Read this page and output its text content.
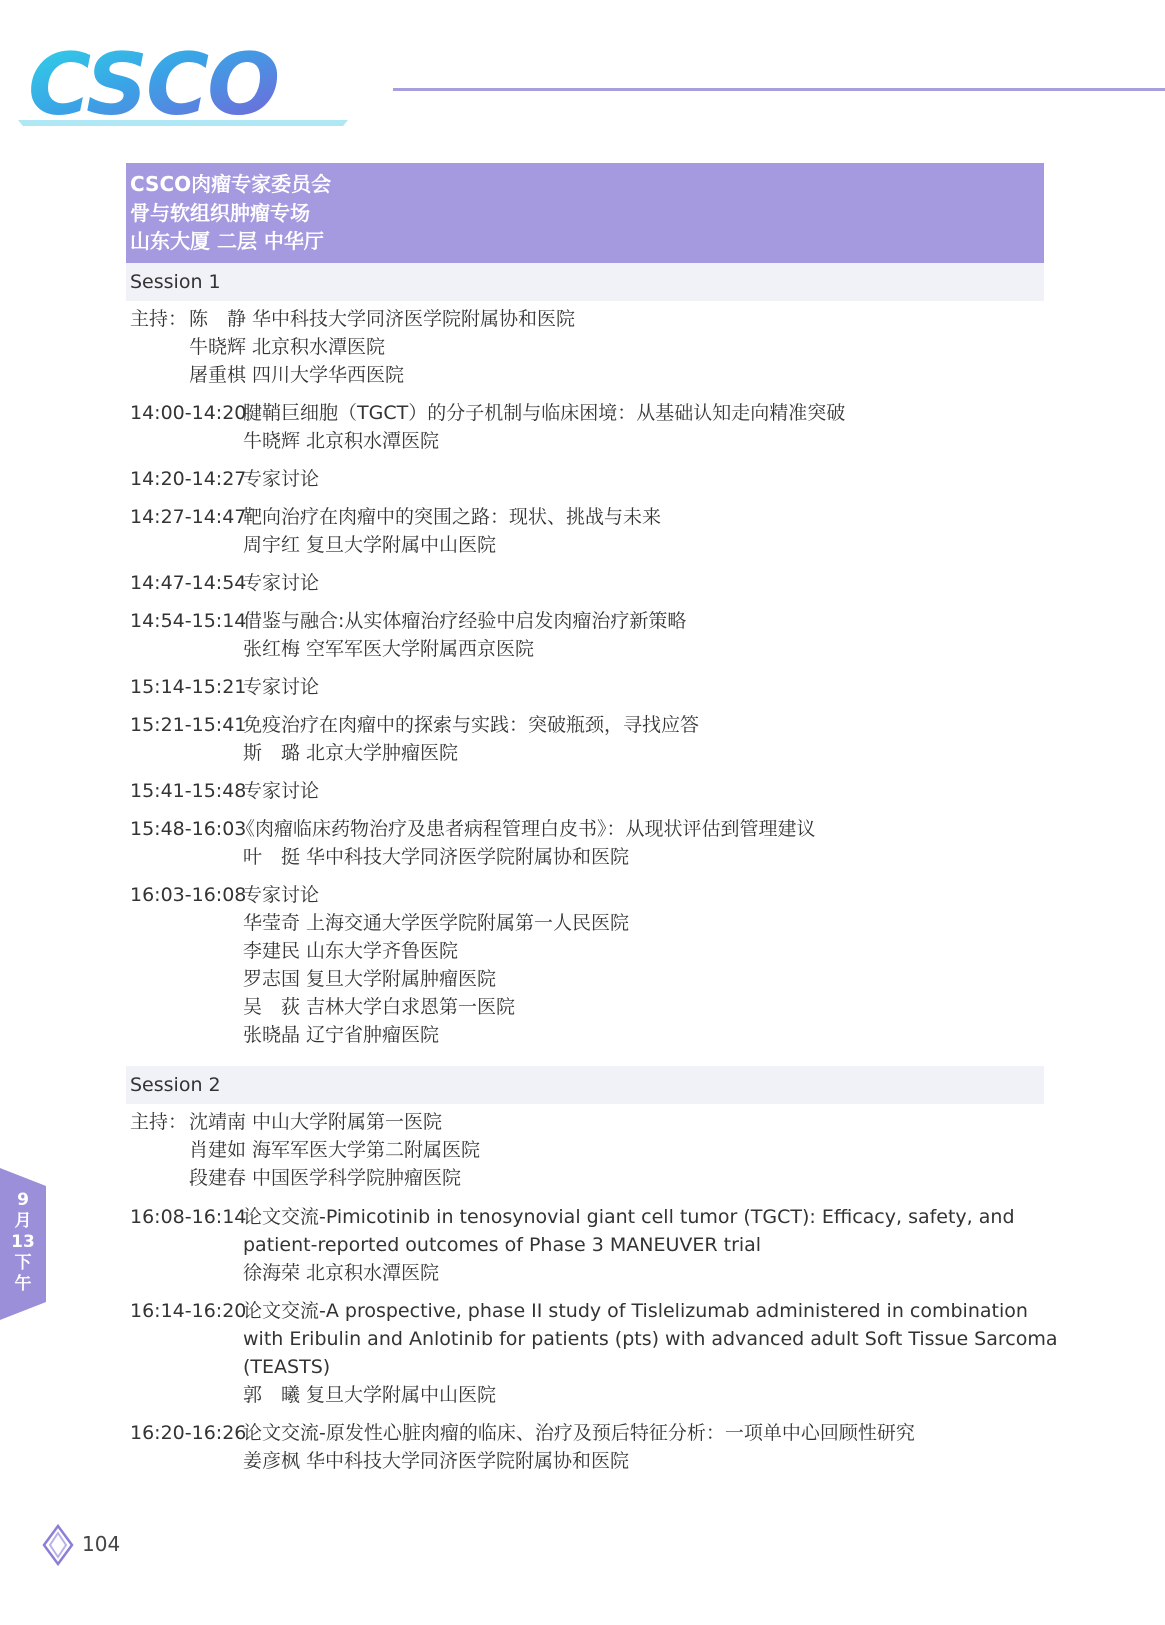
CSCO
CSCO肉瘤专家委员会
骨与软组织肿瘤专场
山东大厦 二层 中华厅
Session 1
主持： 陈　静 华中科技大学同济医学院附属协和医院
牛晓辉 北京积水潭医院
屠重棋 四川大学华西医院
14:00-14:20
腱鞘巨细胞（TGCT）的分子机制与临床困境：从基础认知走向精准突破
牛晓辉 北京积水潭医院
14:20-14:27
专家讨论
14:27-14:47
靶向治疗在肉瘤中的突围之路：现状、挑战与未来
周宇红 复旦大学附属中山医院
14:47-14:54
专家讨论
14:54-15:14
借鉴与融合:从实体瘤治疗经验中启发肉瘤治疗新策略
张红梅 空军军医大学附属西京医院
15:14-15:21
专家讨论
15:21-15:41
免疫治疗在肉瘤中的探索与实践：突破瓶颈，寻找应答
斯　璐 北京大学肿瘤医院
15:41-15:48
专家讨论
15:48-16:03
《肉瘤临床药物治疗及患者病程管理白皮书》：从现状评估到管理建议
叶　挺 华中科技大学同济医学院附属协和医院
16:03-16:08
专家讨论
华莹奇 上海交通大学医学院附属第一人民医院
李建民 山东大学齐鲁医院
罗志国 复旦大学附属肿瘤医院
吴　荻 吉林大学白求恩第一医院
张晓晶 辽宁省肿瘤医院
Session 2
主持： 沈靖南 中山大学附属第一医院
肖建如 海军军医大学第二附属医院
段建春 中国医学科学院肿瘤医院
16:08-16:14
论文交流-Pimicotinib in tenosynovial giant cell tumor (TGCT): Efficacy, safety, and
patient-reported outcomes of Phase 3 MANEUVER trial
徐海荣 北京积水潭医院
16:14-16:20
论文交流-A prospective, phase II study of Tislelizumab administered in combination
with Eribulin and Anlotinib for patients (pts) with advanced adult Soft Tissue Sarcoma
(TEASTS)
郭　曦 复旦大学附属中山医院
16:20-16:26
论文交流-原发性心脏肉瘤的临床、治疗及预后特征分析：一项单中心回顾性研究
姜彦枫 华中科技大学同济医学院附属协和医院
9
月
13
下
午
104
